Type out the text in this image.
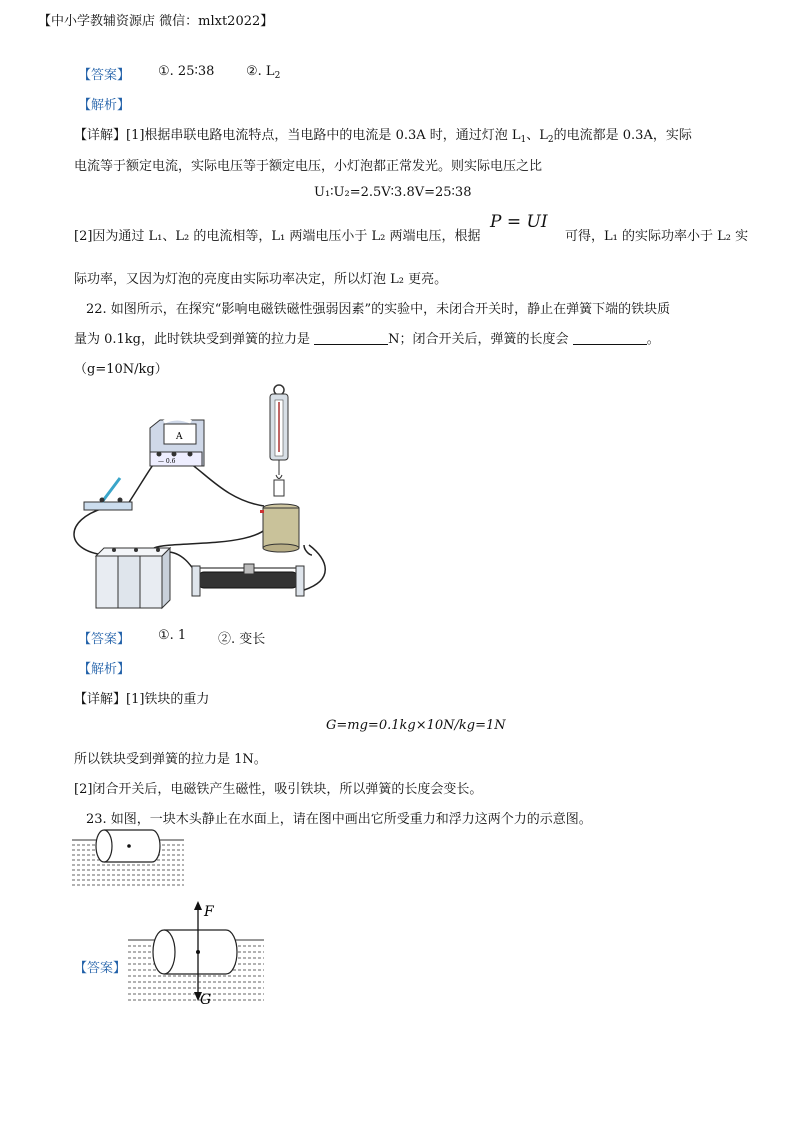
【中小学教辅资源店 微信：mlxt2022】
【答案】 ①. 25∶38 ②. $L_2$
【解析】
【详解】[1]根据串联电路电流特点，当电路中的电流是 0.3A 时，通过灯泡 $L_1$、$L_2$的电流都是 0.3A，实际
电流等于额定电流，实际电压等于额定电压，小灯泡都正常发光。则实际电压之比
U₁∶U₂=2.5V∶3.8V=25∶38
[2]因为通过 L₁、L₂ 的电流相等，L₁ 两端电压小于 L₂ 两端电压，根据
P = UI
可得，L₁ 的实际功率小于 L₂ 实
际功率，又因为灯泡的亮度由实际功率决定，所以灯泡 L₂ 更亮。
22. 如图所示，在探究“影响电磁铁磁性强弱因素”的实验中，未闭合开关时，静止在弹簧下端的铁块质
量为 0.1kg，此时铁块受到弹簧的拉力是	N；闭合开关后，弹簧的长度会	。
（g=10N/kg）
A
— 0.6
【答案】 ①. 1 ②. 变长
【解析】
【详解】[1]铁块的重力
G=mg=0.1kg×10N/kg=1N
所以铁块受到弹簧的拉力是 1N。
[2]闭合开关后，电磁铁产生磁性，吸引铁块，所以弹簧的长度会变长。
23. 如图，一块木头静止在水面上，请在图中画出它所受重力和浮力这两个力的示意图。
【答案】
F
G
